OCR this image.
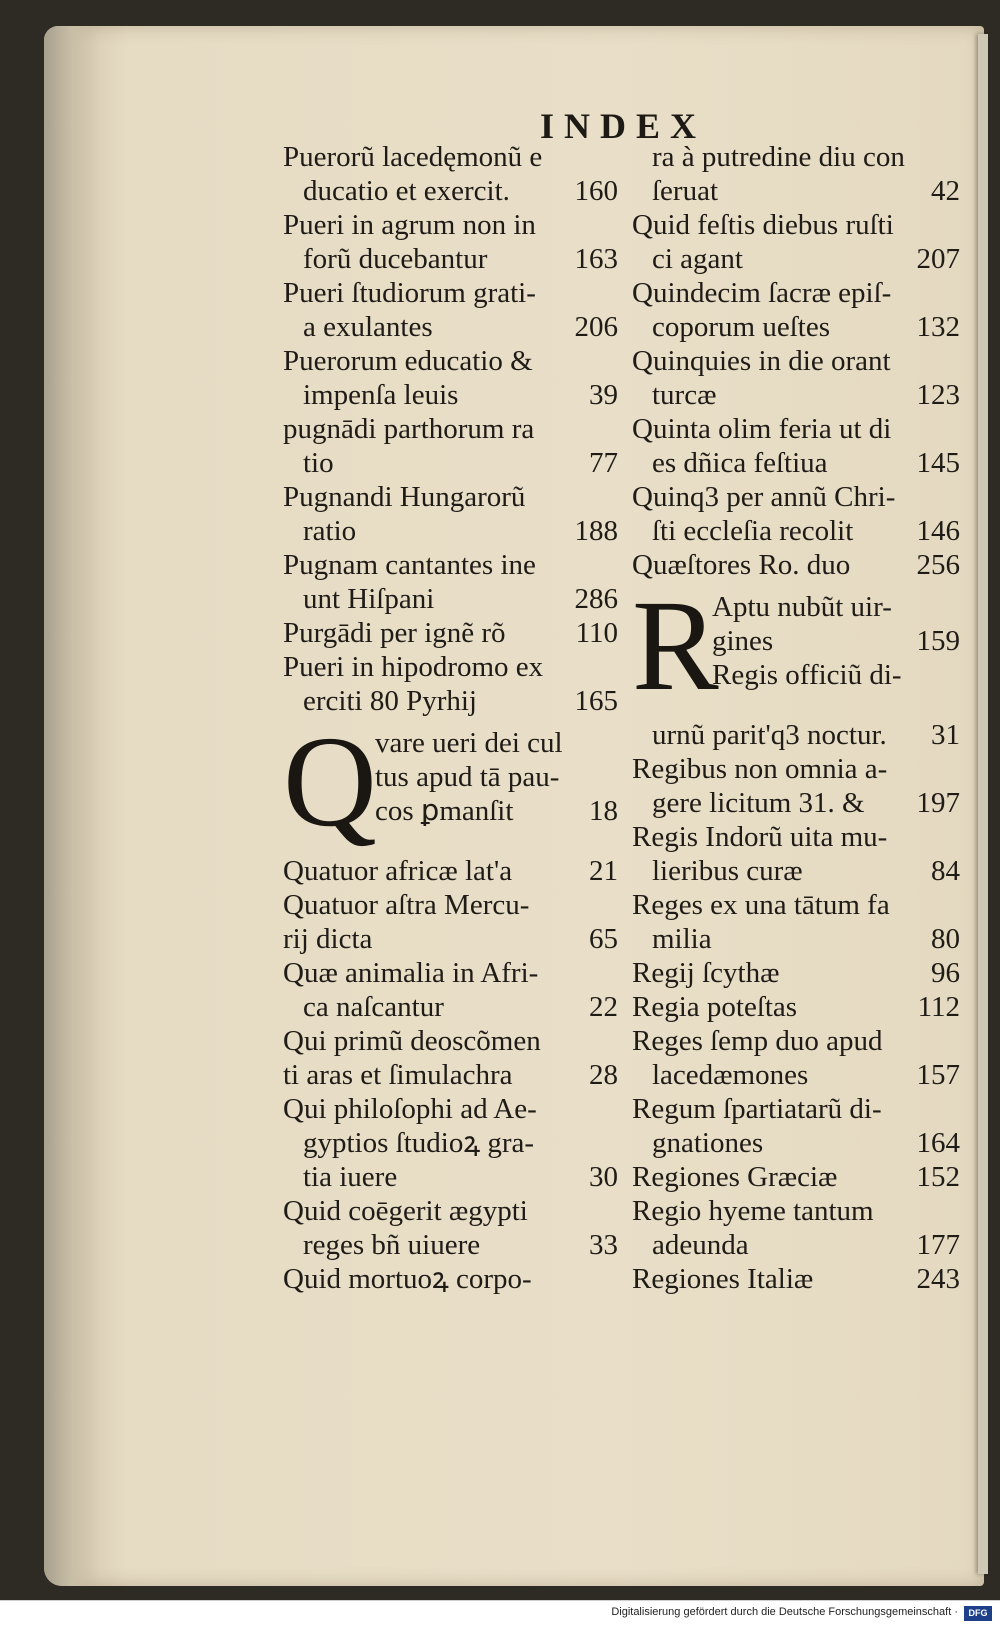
INDEX
Puerorũ lacedęmonũ e
ducatio et exercit. 160
Pueri in agrum non in
forũ ducebantur	163
Pueri ſtudiorum grati-
a exulantes	206
Puerorum educatio &
impenſa leuis	39
pugnādi parthorum ra
tio	77
Pugnandi Hungarorũ
ratio	188
Pugnam cantantes ine
unt Hiſpani	286
Purgādi per ignẽ rõ 110
Pueri in hipodromo ex
erciti 80 Pyrhij	165
Q
vare ueri dei cul
tus apud tā pau-
cos ꝑmanſit	18
Quatuor africæ lat'a	21
Quatuor aſtra Mercu-
rij dicta	65
Quæ animalia in Afri-
ca naſcantur	22
Qui primũ deoscõmen
ti aras et ſimulachra	28
Qui philoſophi ad Ae-
gyptios ſtudioꝝ gra-
tia iuere	30
Quid coēgerit ægypti
reges bñ uiuere	33
Quid mortuoꝝ corpo-
ra à putredine diu con
ſeruat	42
Quid feſtis diebus ruſti
ci agant	207
Quindecim ſacræ epiſ-
coporum ueſtes	132
Quinquies in die orant
turcæ	123
Quinta olim feria ut di
es dñica feſtiua	145
Quinq3 per annũ Chri-
ſti eccleſia recolit 146
Quæſtores Ro. duo 256
R
Aptu nubũt uir-
gines	159
Regis officiũ di-
urnũ parit'q3 noctur. 31
Regibus non omnia a-
gere licitum 31. & 197
Regis Indorũ uita mu-
lieribus curæ	84
Reges ex una tātum fa
milia	80
Regij ſcythæ	96
Regia poteſtas	112
Reges ſemp duo apud
lacedæmones	157
Regum ſpartiatarũ di-
gnationes	164
Regiones Græciæ	152
Regio hyeme tantum
adeunda	177
Regiones Italiæ	243
Digitalisierung gefördert durch die Deutsche Forschungsgemeinschaft ·	DFG
